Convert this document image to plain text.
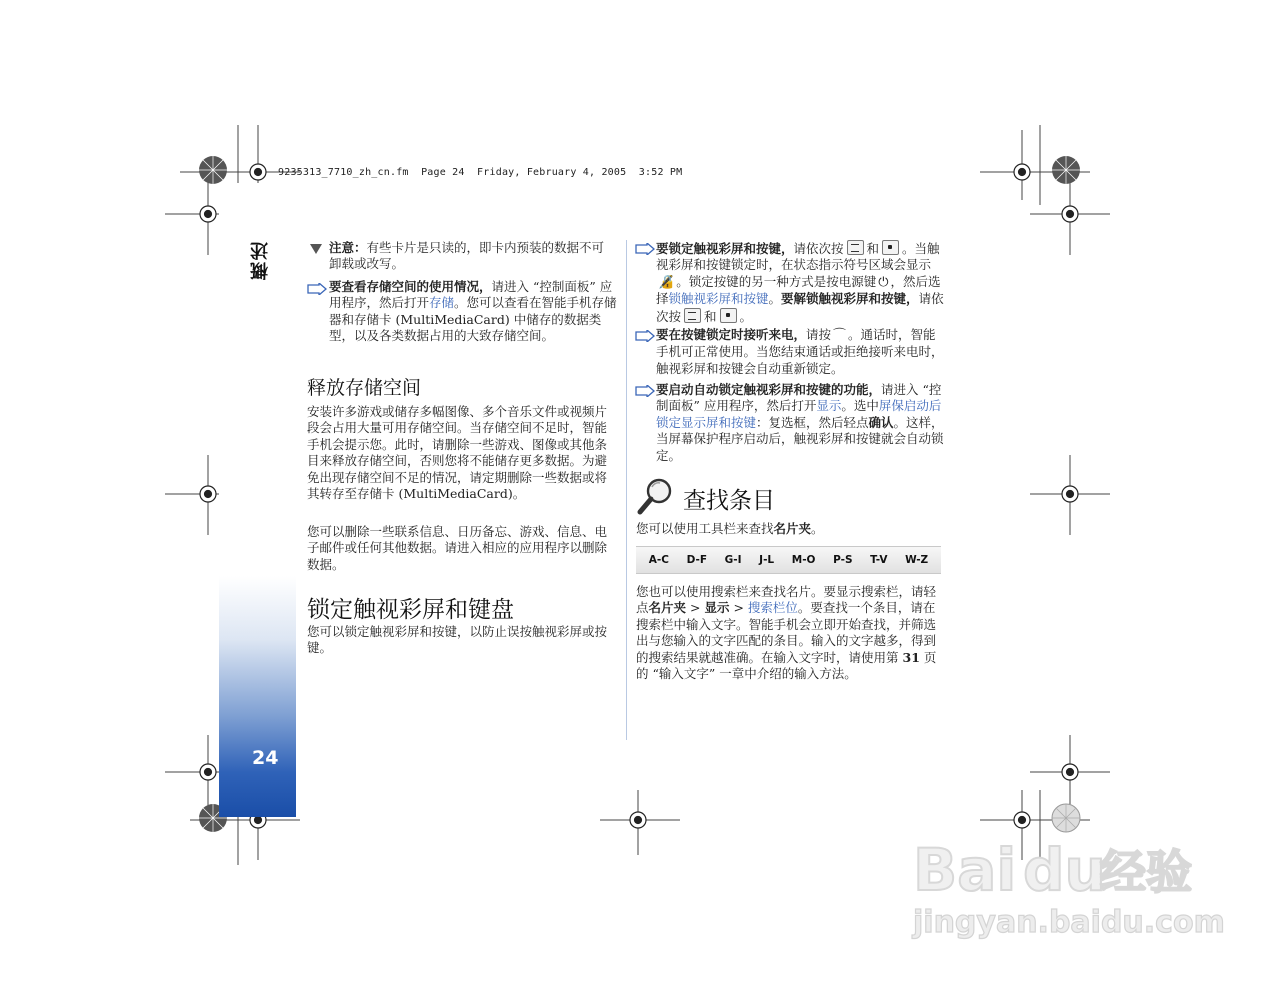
9235313_7710_zh_cn.fm  Page 24  Friday, February 4, 2005  3:52 PM
概述
24
注意：有些卡片是只读的，即卡内预装的数据不可卸载或改写。
要查看存储空间的使用情况，请进入 “控制面板” 应用程序，然后打开存储。您可以查看在智能手机存储器和存储卡 (MultiMediaCard) 中储存的数据类型，以及各类数据占用的大致存储空间。
释放存储空间
安装许多游戏或储存多幅图像、多个音乐文件或视频片段会占用大量可用存储空间。当存储空间不足时，智能手机会提示您。此时，请删除一些游戏、图像或其他条目来释放存储空间，否则您将不能储存更多数据。为避免出现存储空间不足的情况，请定期删除一些数据或将其转存至存储卡 (MultiMediaCard)。
您可以删除一些联系信息、日历备忘、游戏、信息、电子邮件或任何其他数据。请进入相应的应用程序以删除数据。
锁定触视彩屏和键盘
您可以锁定触视彩屏和按键，以防止误按触视彩屏或按键。
要锁定触视彩屏和按键，请依次按 和 。当触视彩屏和按键锁定时，在状态指示符号区域会显示🔏 。锁定按键的另一种方式是按电源键 ⏻ ，然后选择锁触视彩屏和按键。要解锁触视彩屏和按键，请依次按 和 。
要在按键锁定时接听来电，请按 ⌒ 。通话时，智能手机可正常使用。当您结束通话或拒绝接听来电时，触视彩屏和按键会自动重新锁定。
要启动自动锁定触视彩屏和按键的功能，请进入 “控制面板” 应用程序，然后打开显示。选中屏保启动后锁定显示屏和按键：复选框，然后轻点确认。这样，当屏幕保护程序启动后，触视彩屏和按键就会自动锁定。
查找条目
您可以使用工具栏来查找名片夹。
A-C D-F G-I J-L M-O P-S T-V W-Z
您也可以使用搜索栏来查找名片。要显示搜索栏，请轻点名片夹 > 显示 > 搜索栏位。要查找一个条目，请在搜索栏中输入文字。智能手机会立即开始查找，并筛选出与您输入的文字匹配的条目。输入的文字越多，得到的搜索结果就越准确。在输入文字时，请使用第 31 页的 “输入文字” 一章中介绍的输入方法。
Bai du
经验
jingyan.baidu.com
